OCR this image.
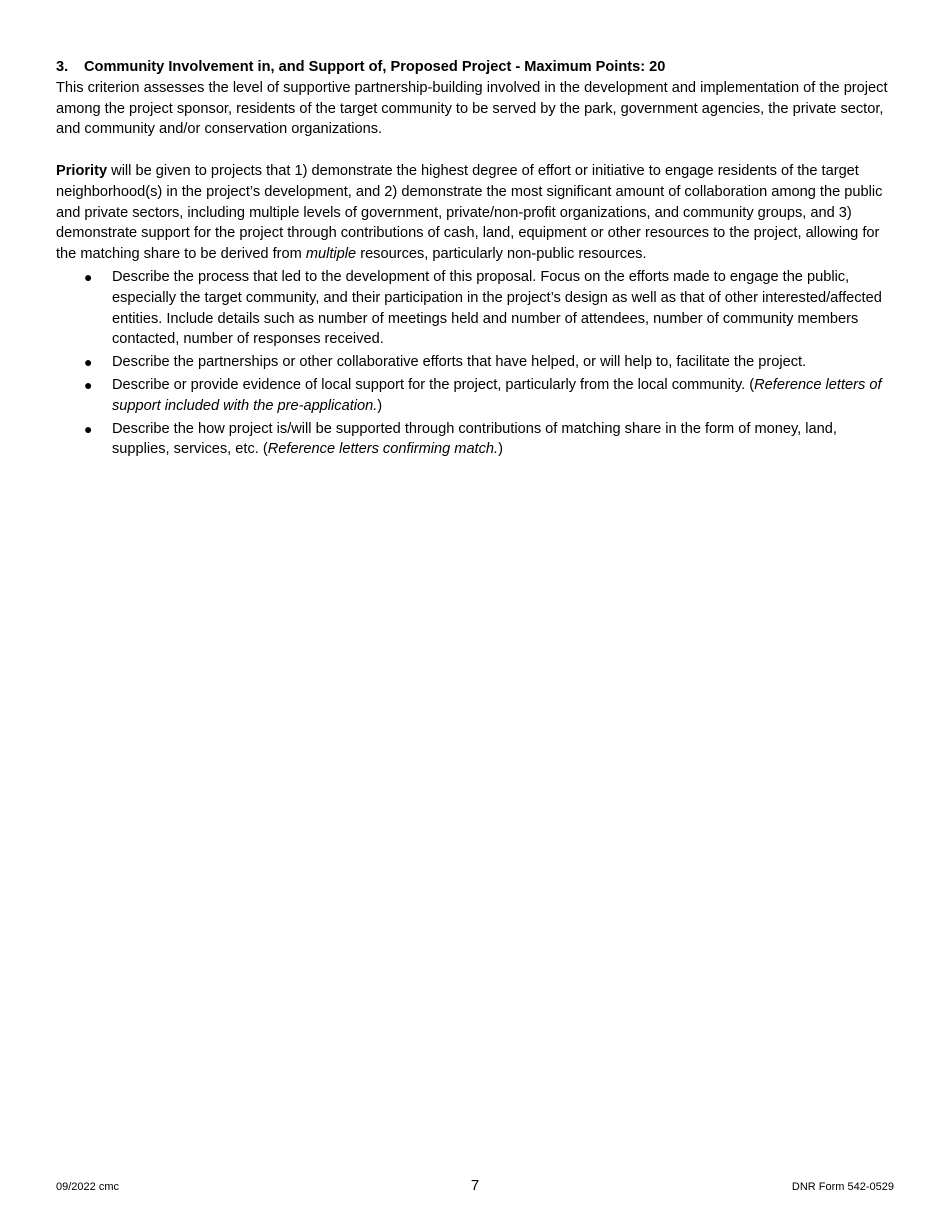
3. Community Involvement in, and Support of, Proposed Project - Maximum Points: 20

This criterion assesses the level of supportive partnership-building involved in the development and implementation of the project among the project sponsor, residents of the target community to be served by the park, government agencies, the private sector, and community and/or conservation organizations.

Priority will be given to projects that 1) demonstrate the highest degree of effort or initiative to engage residents of the target neighborhood(s) in the project’s development, and 2) demonstrate the most significant amount of collaboration among the public and private sectors, including multiple levels of government, private/non-profit organizations, and community groups, and 3) demonstrate support for the project through contributions of cash, land, equipment or other resources to the project, allowing for the matching share to be derived from multiple resources, particularly non-public resources.

● Describe the process that led to the development of this proposal. Focus on the efforts made to engage the public, especially the target community, and their participation in the project’s design as well as that of other interested/affected entities. Include details such as number of meetings held and number of attendees, number of community members contacted, number of responses received.
● Describe the partnerships or other collaborative efforts that have helped, or will help to, facilitate the project.
● Describe or provide evidence of local support for the project, particularly from the local community. (Reference letters of support included with the pre-application.)
● Describe the how project is/will be supported through contributions of matching share in the form of money, land, supplies, services, etc. (Reference letters confirming match.)
09/2022 cmc	7	DNR Form 542-0529
